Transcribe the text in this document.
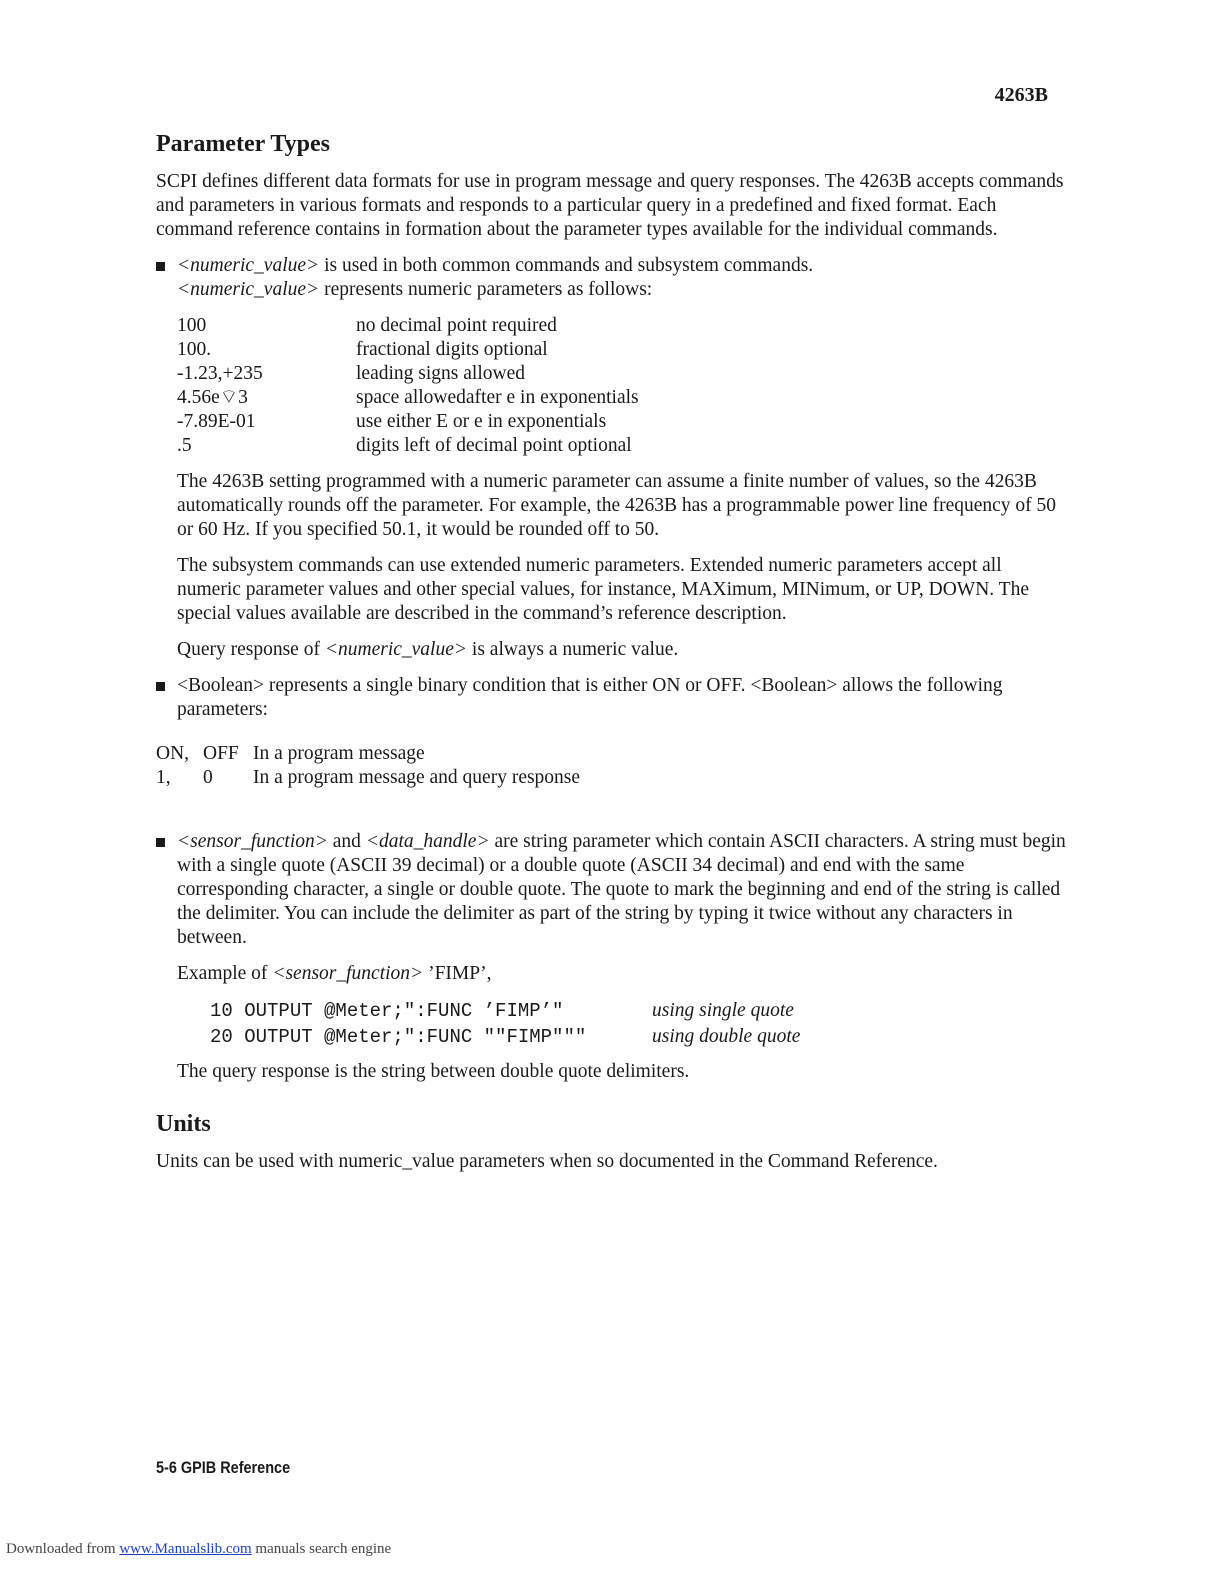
4263B
Parameter Types

SCPI defines different data formats for use in program message and query responses. The 4263B accepts commands and parameters in various formats and responds to a particular query in a predefined and fixed format. Each command reference contains in formation about the parameter types available for the individual commands.

<numeric_value> is used in both common commands and subsystem commands.
<numeric_value> represents numeric parameters as follows:
100	no decimal point required
100.	fractional digits optional
-1.23,+235	leading signs allowed
4.56e⌔3	space allowedafter e in exponentials
-7.89E-01	use either E or e in exponentials
.5	digits left of decimal point optional

The 4263B setting programmed with a numeric parameter can assume a finite number of values, so the 4263B automatically rounds off the parameter. For example, the 4263B has a programmable power line frequency of 50 or 60 Hz. If you specified 50.1, it would be rounded off to 50.

The subsystem commands can use extended numeric parameters. Extended numeric parameters accept all numeric parameter values and other special values, for instance, MAXimum, MINimum, or UP, DOWN. The special values available are described in the command’s reference description.

Query response of <numeric_value> is always a numeric value.

<Boolean> represents a single binary condition that is either ON or OFF. <Boolean> allows the following parameters:
ON,	OFF	In a program message
1,	0	In a program message and query response
<sensor_function> and <data_handle> are string parameter which contain ASCII characters. A string must begin with a single quote (ASCII 39 decimal) or a double quote (ASCII 34 decimal) and end with the same corresponding character, a single or double quote. The quote to mark the beginning and end of the string is called the delimiter. You can include the delimiter as part of the string by typing it twice without any characters in between.

Example of <sensor_function> ’FIMP’,

10 OUTPUT @Meter;":FUNC ’FIMP’"	using single quote
20 OUTPUT @Meter;":FUNC ""FIMP"""	using double quote

The query response is the string between double quote delimiters.

Units

Units can be used with numeric_value parameters when so documented in the Command Reference.

5-6 GPIB Reference
Downloaded from www.Manualslib.com manuals search engine
